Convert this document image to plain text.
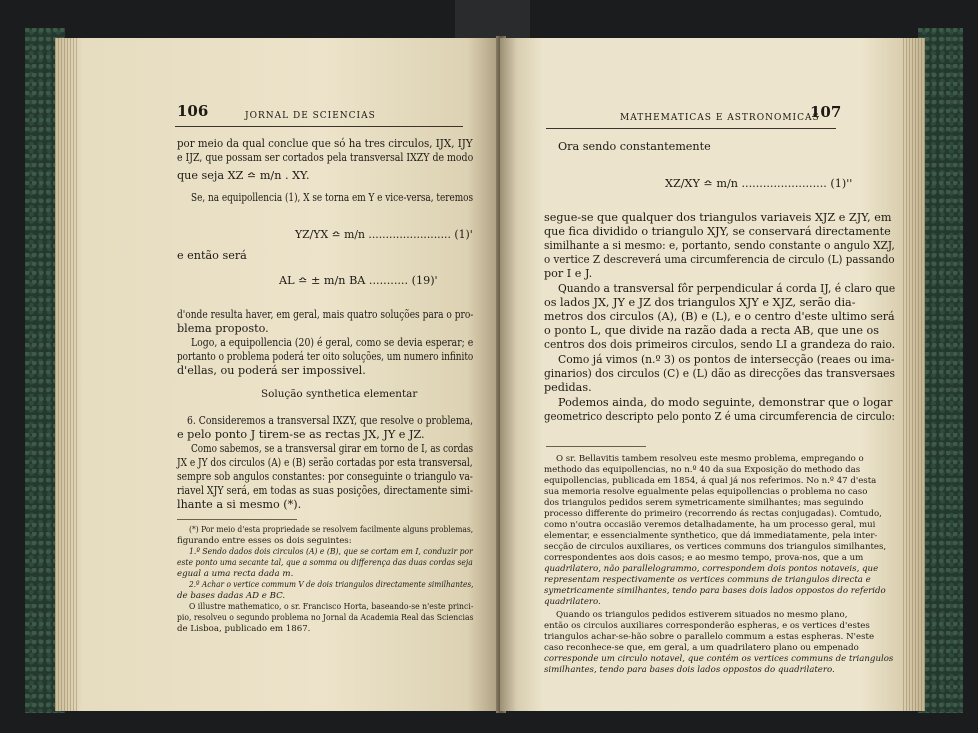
106	JORNAL DE SCIENCIAS
por meio da qual conclue que só ha tres circulos, IJX, IJY
e IJZ, que possam ser cortados pela transversal IXZY de modo
que seja XZ ≏ m/n . XY.
Se, na equipollencia (1), X se torna em Y e vice-versa, teremos
YZ/YX ≏ m/n ........................ (1)'
e então será
AL ≏ ± m/n BA ........... (19)'
d'onde resulta haver, em geral, mais quatro soluções para o pro-
blema proposto.
Logo, a equipollencia (20) é geral, como se devia esperar; e
portanto o problema poderá ter oito soluções, um numero infinito
d'ellas, ou poderá ser impossivel.
Solução synthetica elementar
6. Consideremos a transversal IXZY, que resolve o problema,
e pelo ponto J tirem-se as rectas JX, JY e JZ.
Como sabemos, se a transversal girar em torno de I, as cordas
JX e JY dos circulos (A) e (B) serão cortadas por esta transversal,
sempre sob angulos constantes: por conseguinte o triangulo va-
riavel XJY será, em todas as suas posições, directamente simi-
lhante a si mesmo (*).
(*) Por meio d'esta propriedade se resolvem facilmente alguns problemas,
figurando entre esses os dois seguintes:
1.º Sendo dados dois circulos (A) e (B), que se cortam em I, conduzir por
este ponto uma secante tal, que a somma ou differença das duas cordas seja
egual a uma recta dada m.
2.º Achar o vertice commum V de dois triangulos directamente similhantes,
de bases dadas AD e BC.
O illustre mathematico, o sr. Francisco Horta, baseando-se n'este princi-
pio, resolveu o segundo problema no Jornal da Academia Real das Sciencias
de Lisboa, publicado em 1867.
MATHEMATICAS E ASTRONOMICAS
107
Ora sendo constantemente
XZ/XY ≏ m/n ........................ (1)''
segue-se que qualquer dos triangulos variaveis XJZ e ZJY, em
que fica dividido o triangulo XJY, se conservará directamente
similhante a si mesmo: e, portanto, sendo constante o angulo XZJ,
o vertice Z descreverá uma circumferencia de circulo (L) passando
por I e J.
Quando a transversal fôr perpendicular á corda IJ, é claro que
os lados JX, JY e JZ dos triangulos XJY e XJZ, serão dia-
metros dos circulos (A), (B) e (L), e o centro d'este ultimo será
o ponto L, que divide na razão dada a recta AB, que une os
centros dos dois primeiros circulos, sendo LI a grandeza do raio.
Como já vimos (n.º 3) os pontos de intersecção (reaes ou ima-
ginarios) dos circulos (C) e (L) dão as direcções das transversaes
pedidas.
Podemos ainda, do modo seguinte, demonstrar que o logar
geometrico descripto pelo ponto Z é uma circumferencia de circulo:
O sr. Bellavitis tambem resolveu este mesmo problema, empregando o
methodo das equipollencias, no n.º 40 da sua Exposição do methodo das
equipollencias, publicada em 1854, á qual já nos referimos. No n.º 47 d'esta
sua memoria resolve egualmente pelas equipollencias o problema no caso
dos triangulos pedidos serem symetricamente similhantes; mas seguindo
processo differente do primeiro (recorrendo ás rectas conjugadas). Comtudo,
como n'outra occasião veremos detalhadamente, ha um processo geral, mui
elementar, e essencialmente synthetico, que dá immediatamente, pela inter-
secção de circulos auxiliares, os vertices communs dos triangulos similhantes,
correspondentes aos dois casos; e ao mesmo tempo, prova-nos, que a um
quadrilatero, não parallelogrammo, correspondem dois pontos notaveis, que
representam respectivamente os vertices communs de triangulos directa e
symetricamente similhantes, tendo para bases dois lados oppostos do referido
quadrilatero.
Quando os triangulos pedidos estiverem situados no mesmo plano,
então os circulos auxiliares corresponderão espheras, e os vertices d'estes
triangulos achar-se-hão sobre o parallelo commum a estas espheras. N'este
caso reconhece-se que, em geral, a um quadrilatero plano ou empenado
corresponde um circulo notavel, que contém os vertices communs de triangulos
similhantes, tendo para bases dois lados oppostos do quadrilatero.
